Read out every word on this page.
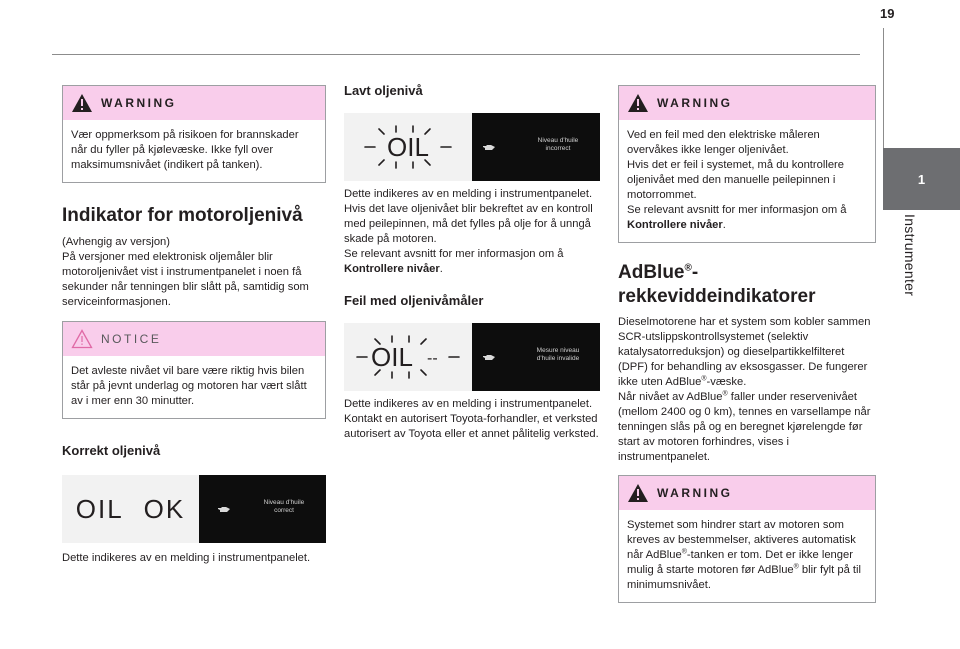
19
1
Instrumenter
WARNING
Vær oppmerksom på risikoen for brannskader når du fyller på kjølevæske. Ikke fyll over maksimumsnivået (indikert på tanken).
Indikator for motoroljenivå

(Avhengig av versjon)

På versjoner med elektronisk oljemåler blir motoroljenivået vist i instrumentpanelet i noen få sekunder når tenningen blir slått på, samtidig som serviceinformasjonen.

NOTICE
Det avleste nivået vil bare være riktig hvis bilen står på jevnt underlag og motoren har vært slått av i mer enn 30 minutter.
Korrekt oljenivå
OIL OK	Niveau d'huile
correct

Dette indikeres av en melding i instrumentpanelet.

Lavt oljenivå
OIL	Niveau d'huile
incorrect
Dette indikeres av en melding i instrumentpanelet.
Hvis det lave oljenivået blir bekreftet av en kontroll med peilepinnen, må det fylles på olje for å unngå skade på motoren.
Se relevant avsnitt for mer informasjon om å
Kontrollere nivåer.
Feil med oljenivåmåler
OIL --	Mesure niveau
d'huile invalide

Dette indikeres av en melding i instrumentpanelet. Kontakt en autorisert Toyota-forhandler, et verksted autorisert av Toyota eller et annet pålitelig verksted.

WARNING
Ved en feil med den elektriske måleren overvåkes ikke lenger oljenivået.
Hvis det er feil i systemet, må du kontrollere oljenivået med den manuelle peilepinnen i motorrommet.
Se relevant avsnitt for mer informasjon om å Kontrollere nivåer.
AdBlue®-
rekkeviddeindikatorer
Dieselmotorene har et system som kobler sammen SCR-utslippskontrollsystemet (selektiv katalysatorreduksjon) og dieselpartikkelfilteret (DPF) for behandling av eksosgasser. De fungerer ikke uten AdBlue®-væske.
Når nivået av AdBlue® faller under reservenivået (mellom 2400 og 0 km), tennes en varsellampe når tenningen slås på og en beregnet kjørelengde før start av motoren forhindres, vises i instrumentpanelet.
WARNING
Systemet som hindrer start av motoren som kreves av bestemmelser, aktiveres automatisk når AdBlue®-tanken er tom. Det er ikke lenger mulig å starte motoren før AdBlue® blir fylt på til minimumsnivået.
